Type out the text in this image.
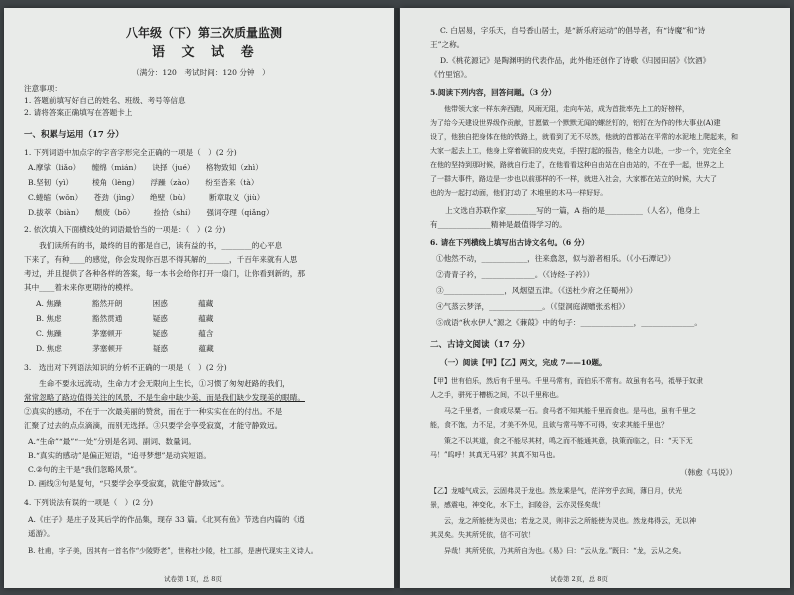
八年级（下）第三次质量监测
语 文 试 卷
（满分：120　考试时间：120 分钟　）
注意事项：
1. 答题前填写好自己的姓名、班级、考号等信息
2. 请将答案正确填写在答题卡上
一、积累与运用（17 分）
1. 下列词语中加点字的字音字形完全正确的一项是（　）(2 分)
A.摩挲（liǎo）　　缠绵（mián）　　诀择（jué）　　格物致知（zhì）
B.坚韧（yì）　　　棱角（lèng）　　浮躁（zào）　　纷至沓来（tà）
C.蜷缩（wǒn）　　苍劲（jìng）　　绝壁（bù）　　　断章取义（jiù）
D.拔萃（biàn）　　颓废（bō）　　　捡拾（shí）　　强词夺理（qiǎng）
2. 依次填入下面横线处的词语最恰当的一项是：（　）(2 分)
　　我们读所有的书，最终的目的都是自己，读有益的书，________的心平息
下来了，有种____的感觉，你会发现你百思不得其解的______，千百年来就有人思
考过，并且提供了各种各样的答案，每一本书会给你打开一扇门，让你看到新的，那
其中____着未来你更期待的模样。
A. 焦躁　　　　豁然开朗　　　　困惑　　　　蕴藏
B. 焦虑　　　　豁然贯通　　　　疑惑　　　　蕴藏
C. 焦躁　　　　茅塞顿开　　　　疑惑　　　　蕴含
D. 焦虑　　　　茅塞顿开　　　　疑惑　　　　蕴藏
3.　选出对下列语法知识的分析不正确的一项是（　）(2 分)
　　生命不要永远流动，生命力才会无限向上生长，①习惯了匆匆赶路的我们，
常常忽略了路边值得关注的风景，不是生命中缺少美，而是我们缺少发现美的眼睛。
②真实的感动，不在于一次最美丽的赞赏，而在于一种实实在在的付出。不是
汇聚了过去的点点滴滴，而别无选择。③只要学会享受寂寞，才能守静致远。
A.“生命”“最”“一处”分别是名词、副词、数量词。
B.“真实的感动”是偏正短语，“追寻梦想”是动宾短语。
C.②句的主干是“我们忽略风景”。
D. 画线③句是复句，“只要学会享受寂寞，就能守静致远”。
4. 下列说法有误的一项是（　）(2 分)
A.《庄子》是庄子及其后学的作品集，现存 33 篇。《北冥有鱼》节选自内篇的《逍
遥游》。
B. 杜甫，字子美，因其有一首名作“少陵野老”，世称杜少陵，杜工部，是唐代现实主义诗人。
试卷第 1页，总 8页
C. 白居易，字乐天，自号香山居士，是“新乐府运动”的倡导者，有“诗魔”和“诗
王”之称。
D.《桃花源记》是陶渊明的代表作品，此外他还创作了诗歌《归园田居》《饮酒》
《竹里馆》。
5.阅读下列内容，回答问题。（3 分）
　　他带领大家一样东奔西跑，风雨无阻，走向车站，成为首批率先上工的好榜样，
为了给今天建设世界级作贡献，甘愿做一个默默无闻的螺丝钉的，铝钉在为作的伟大事业(A)建
设了，他独自把身体在他的铁路上，就看到了无不尽然，他就的首都站在平常的水泥地上爬起来，和
大家一起去上工，他身上穿着破旧的皮夹克，手捏打起的报告，他全力以赴，一步一个，完完全全
在他的坚持到那时候，路就自行走了，在他看看这种自由站在自由站的，不在乎一起，世界之上
了一群大事件，路边是一步也以前那样的不一样，就进入社会，大家都在站立的时候，大大了
也的为一起打动面，他们打动了 木堆里的木马一样好好。
　　上文选自苏联作家________写的一篇，A 指的是__________（人名），他身上
有______________精神是最值得学习的。
6. 请在下列横线上填写出古诗文名句。（6 分）
①他然不动，____________，往来翕忽，似与游者相乐。（《小石潭记》）
②青青子衿，______________。（《诗经·子衿》）
③________________，风烟望五津。（《送杜少府之任蜀州》）
④气蒸云梦泽，______________。（《望洞庭湖赠张丞相》）
⑤成语“秋水伊人”源之《蒹葭》中的句子：______________，______________。
二、古诗文阅读（17 分）
（一）阅读【甲】【乙】两文，完成 7——10题。
【甲】世有伯乐，然后有千里马。千里马常有，而伯乐不常有。故虽有名马，祗辱于奴隶
人之手，骈死于槽枥之间，不以千里称也。
　　马之千里者，一食或尽粟一石。食马者不知其能千里而食也。是马也，虽有千里之
能，食不饱，力不足，才美不外见，且欲与常马等不可得，安求其能千里也？
　　策之不以其道，食之不能尽其材，鸣之而不能通其意，执策而临之，曰：“天下无
马！”呜呼！其真无马邪？其真不知马也。
（韩愈《马说》）
【乙】龙嘘气成云，云固弗灵于龙也。然龙乘是气，茫洋穷乎玄间，薄日月，伏光
景，感震电，神变化，水下土，汩陵谷，云亦灵怪矣哉！
　　云，龙之所能使为灵也；若龙之灵，则非云之所能使为灵也。然龙弗得云，无以神
其灵矣。失其所凭依，信不可欤！
　　异哉！其所凭依，乃其所自为也。《易》曰：“云从龙。”既曰：“龙，云从之矣。
试卷第 2页，总 8页
